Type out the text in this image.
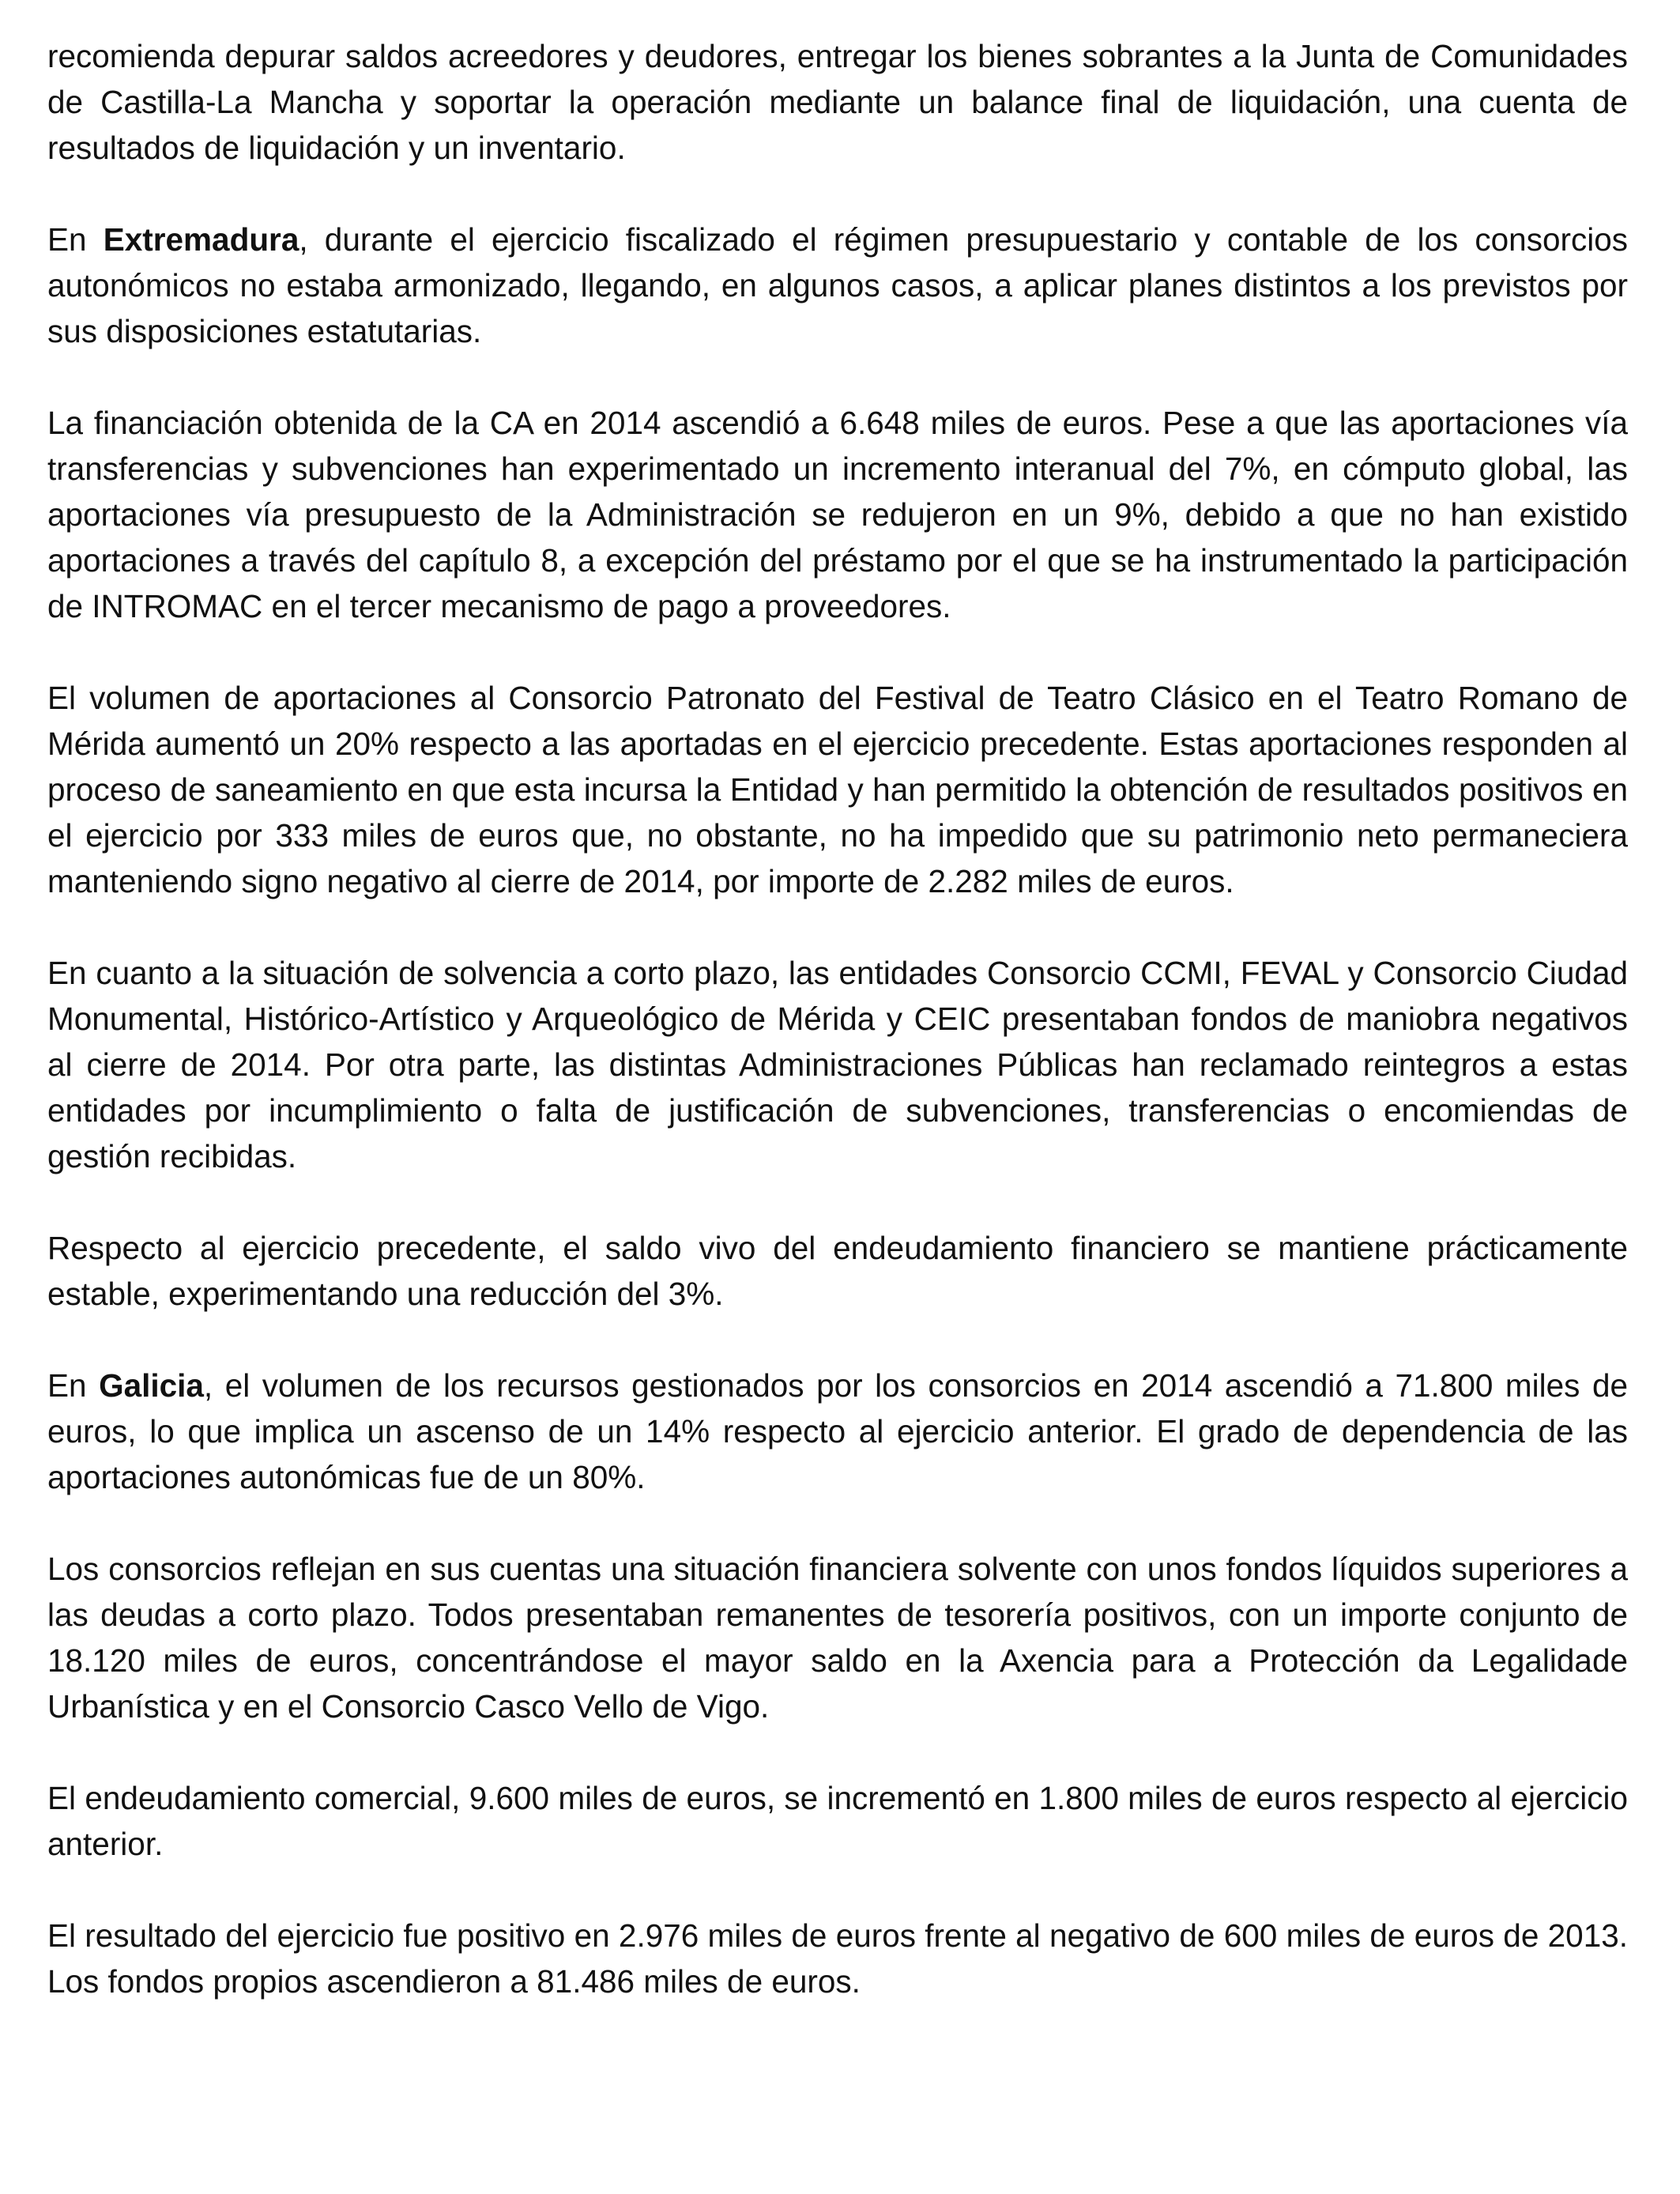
recomienda depurar saldos acreedores y deudores, entregar los bienes sobrantes a la Junta de Comunidades de Castilla-La Mancha y soportar la operación mediante un balance final de liquidación, una cuenta de resultados de liquidación y un inventario.

En Extremadura, durante el ejercicio fiscalizado el régimen presupuestario y contable de los consorcios autonómicos no estaba armonizado, llegando, en algunos casos, a aplicar planes distintos a los previstos por sus disposiciones estatutarias.

La financiación obtenida de la CA en 2014 ascendió a 6.648 miles de euros. Pese a que las aportaciones vía transferencias y subvenciones han experimentado un incremento interanual del 7%, en cómputo global, las aportaciones vía presupuesto de la Administración se redujeron en un 9%, debido a que no han existido aportaciones a través del capítulo 8, a excepción del préstamo por el que se ha instrumentado la participación de INTROMAC en el tercer mecanismo de pago a proveedores.

El volumen de aportaciones al Consorcio Patronato del Festival de Teatro Clásico en el Teatro Romano de Mérida aumentó un 20% respecto a las aportadas en el ejercicio precedente. Estas aportaciones responden al proceso de saneamiento en que esta incursa la Entidad y han permitido la obtención de resultados positivos en el ejercicio por 333 miles de euros que, no obstante, no ha impedido que su patrimonio neto permaneciera manteniendo signo negativo al cierre de 2014, por importe de 2.282 miles de euros.

En cuanto a la situación de solvencia a corto plazo, las entidades Consorcio CCMI, FEVAL y Consorcio Ciudad Monumental, Histórico-Artístico y Arqueológico de Mérida y CEIC presentaban fondos de maniobra negativos al cierre de 2014. Por otra parte, las distintas Administraciones Públicas han reclamado reintegros a estas entidades por incumplimiento o falta de justificación de subvenciones, transferencias o encomiendas de gestión recibidas.

Respecto al ejercicio precedente, el saldo vivo del endeudamiento financiero se mantiene prácticamente estable, experimentando una reducción del 3%.

En Galicia, el volumen de los recursos gestionados por los consorcios en 2014 ascendió a 71.800 miles de euros, lo que implica un ascenso de un 14% respecto al ejercicio anterior. El grado de dependencia de las aportaciones autonómicas fue de un 80%.

Los consorcios reflejan en sus cuentas una situación financiera solvente con unos fondos líquidos superiores a las deudas a corto plazo. Todos presentaban remanentes de tesorería positivos, con un importe conjunto de 18.120 miles de euros, concentrándose el mayor saldo en la Axencia para a Protección da Legalidade Urbanística y en el Consorcio Casco Vello de Vigo.

El endeudamiento comercial, 9.600 miles de euros, se incrementó en 1.800 miles de euros respecto al ejercicio anterior.

El resultado del ejercicio fue positivo en 2.976 miles de euros frente al negativo de 600 miles de euros de 2013. Los fondos propios ascendieron a 81.486 miles de euros.
